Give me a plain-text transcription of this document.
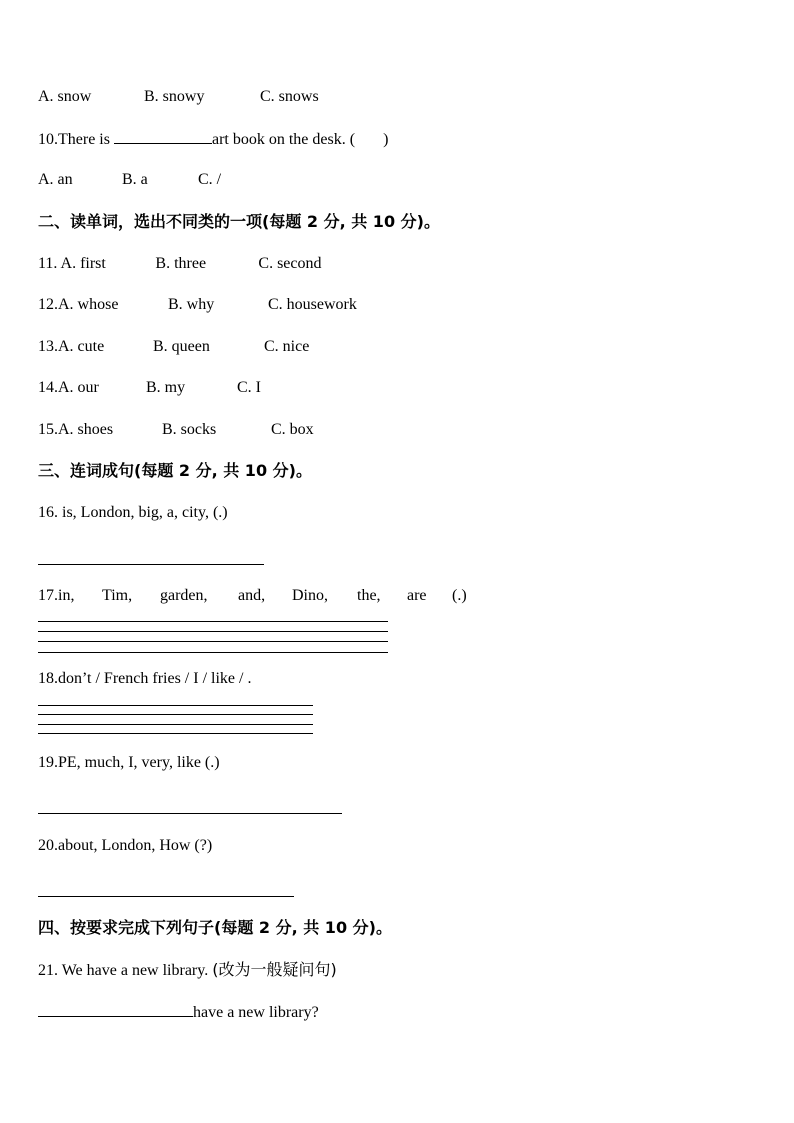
A. snow	B. snowy	C. snows
10.There is	art book on the desk. ( )
A. an	B. a	C. /
二、读单词，选出不同类的一项(每题 2 分, 共 10 分)。
11. A. first	B. three	C. second
12.A. whose	B. why	C. housework
13.A. cute	B. queen	C. nice
14.A. our	B. my	C. I
15.A. shoes	B. socks	C. box
三、连词成句(每题 2 分, 共 10 分)。
16. is, London, big, a, city, (.)
17.in, Tim, garden, and, Dino, the, are (.)
18.don’t / French fries / I / like / .
19.PE, much, I, very, like (.)
20.about, London, How (?)
四、按要求完成下列句子(每题 2 分, 共 10 分)。
21. We have a new library. (改为一般疑问句)
have a new library?
